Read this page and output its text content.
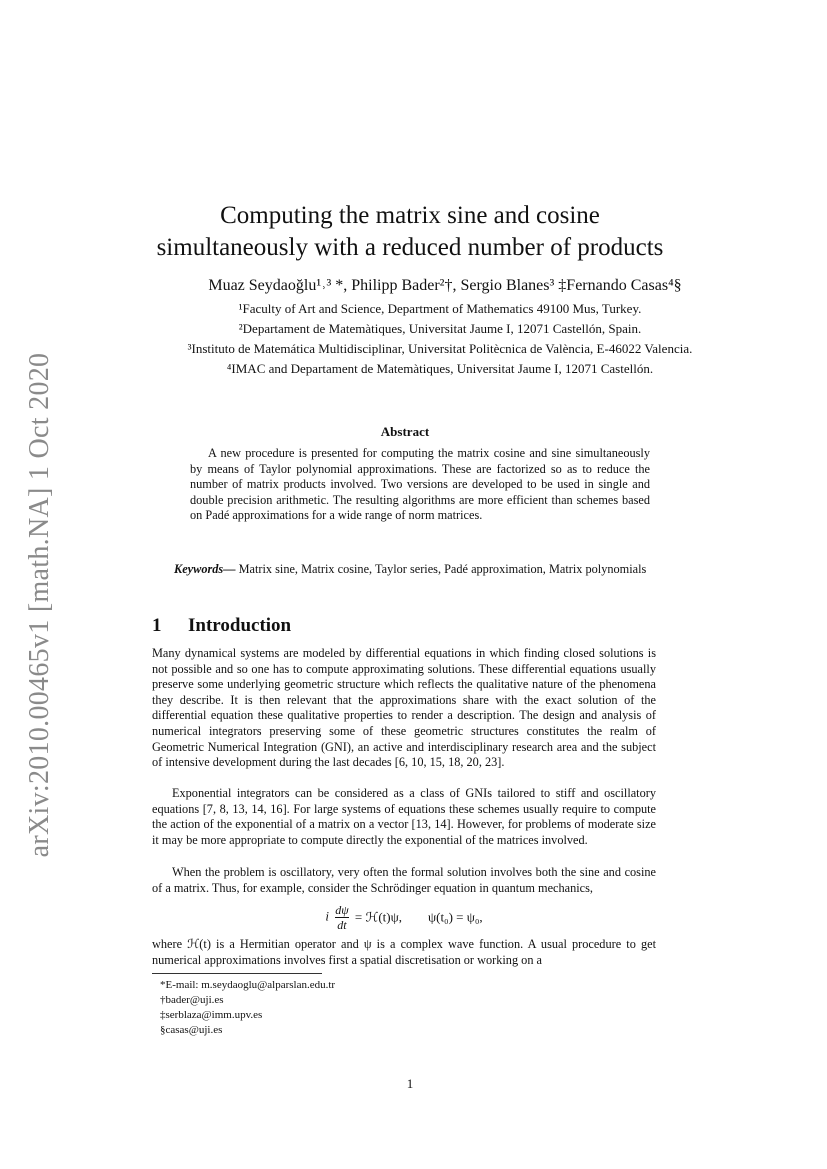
arXiv:2010.00465v1 [math.NA] 1 Oct 2020
Computing the matrix sine and cosine
simultaneously with a reduced number of products
Muaz Seydaoğlu¹˒³ *, Philipp Bader²†, Sergio Blanes³ ‡Fernando Casas⁴§
¹Faculty of Art and Science, Department of Mathematics 49100 Mus, Turkey.
²Departament de Matemàtiques, Universitat Jaume I, 12071 Castellón, Spain.
³Instituto de Matemática Multidisciplinar, Universitat Politècnica de València, E-46022 Valencia.
⁴IMAC and Departament de Matemàtiques, Universitat Jaume I, 12071 Castellón.
Abstract
A new procedure is presented for computing the matrix cosine and sine simultaneously by means of Taylor polynomial approximations. These are factorized so as to reduce the number of matrix products involved. Two versions are developed to be used in single and double precision arithmetic. The resulting algorithms are more efficient than schemes based on Padé approximations for a wide range of norm matrices.
Keywords— Matrix sine, Matrix cosine, Taylor series, Padé approximation, Matrix polynomials
1 Introduction
Many dynamical systems are modeled by differential equations in which finding closed solutions is not possible and so one has to compute approximating solutions. These differential equations usually preserve some underlying geometric structure which reflects the qualitative nature of the phenomena they describe. It is then relevant that the approximations share with the exact solution of the differential equation these qualitative properties to render a description. The design and analysis of numerical integrators preserving some of these geometric structures constitutes the realm of Geometric Numerical Integration (GNI), an active and interdisciplinary research area and the subject of intensive development during the last decades [6, 10, 15, 18, 20, 23].
Exponential integrators can be considered as a class of GNIs tailored to stiff and oscillatory equations [7, 8, 13, 14, 16]. For large systems of equations these schemes usually require to compute the action of the exponential of a matrix on a vector [13, 14]. However, for problems of moderate size it may be more appropriate to compute directly the exponential of the matrices involved.
When the problem is oscillatory, very often the formal solution involves both the sine and cosine of a matrix. Thus, for example, consider the Schrödinger equation in quantum mechanics,
i $\frac{d\psi}{dt}$ = ℋ(t)ψ,  ψ(t₀) = ψ₀,
where ℋ(t) is a Hermitian operator and ψ is a complex wave function. A usual procedure to get numerical approximations involves first a spatial discretisation or working on a
*E-mail: m.seydaoglu@alparslan.edu.tr
†bader@uji.es
‡serblaza@imm.upv.es
§casas@uji.es
1
